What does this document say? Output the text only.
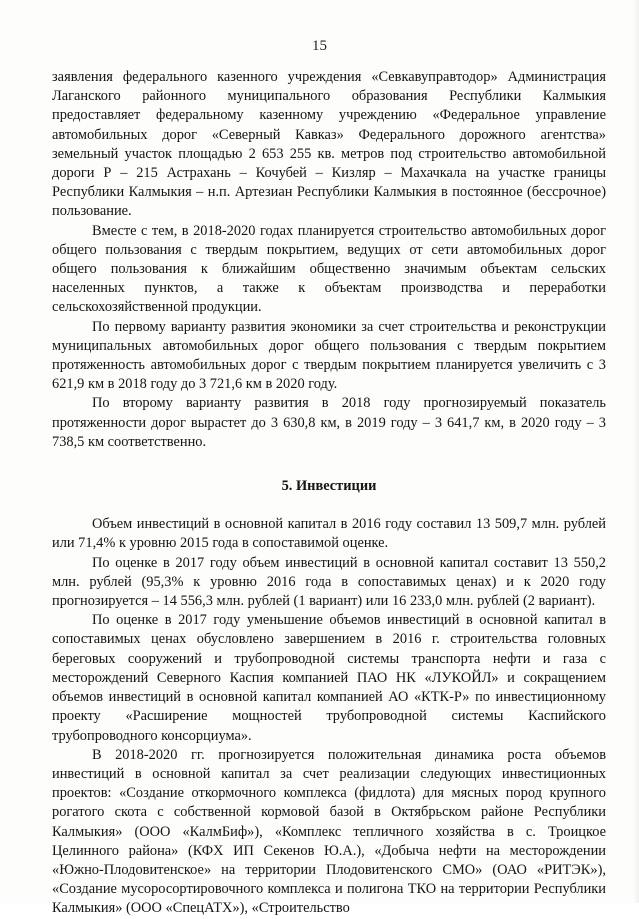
15

заявления федерального казенного учреждения «Севкавуправтодор» Администрация Лаганского районного муниципального образования Республики Калмыкия предоставляет федеральному казенному учреждению «Федеральное управление автомобильных дорог «Северный Кавказ» Федерального дорожного агентства» земельный участок площадью 2 653 255 кв. метров под строительство автомобильной дороги Р – 215 Астрахань – Кочубей – Кизляр – Махачкала на участке границы Республики Калмыкия – н.п. Артезиан Республики Калмыкия в постоянное (бессрочное) пользование.

Вместе с тем, в 2018-2020 годах планируется строительство автомобильных дорог общего пользования с твердым покрытием, ведущих от сети автомобильных дорог общего пользования к ближайшим общественно значимым объектам сельских населенных пунктов, а также к объектам производства и переработки сельскохозяйственной продукции.

По первому варианту развития экономики за счет строительства и реконструкции муниципальных автомобильных дорог общего пользования с твердым покрытием протяженность автомобильных дорог с твердым покрытием планируется увеличить с 3 621,9 км в 2018 году до 3 721,6 км в 2020 году.

По второму варианту развития в 2018 году прогнозируемый показатель протяженности дорог вырастет до 3 630,8 км, в 2019 году – 3 641,7 км, в 2020 году – 3 738,5 км соответственно.

5. Инвестиции

Объем инвестиций в основной капитал в 2016 году составил 13 509,7 млн. рублей или 71,4% к уровню 2015 года в сопоставимой оценке.

По оценке в 2017 году объем инвестиций в основной капитал составит 13 550,2 млн. рублей (95,3% к уровню 2016 года в сопоставимых ценах) и к 2020 году прогнозируется – 14 556,3 млн. рублей (1 вариант) или 16 233,0 млн. рублей (2 вариант).

По оценке в 2017 году уменьшение объемов инвестиций в основной капитал в сопоставимых ценах обусловлено завершением в 2016 г. строительства головных береговых сооружений и трубопроводной системы транспорта нефти и газа с месторождений Северного Каспия компанией ПАО НК «ЛУКОЙЛ» и сокращением объемов инвестиций в основной капитал компанией АО «КТК-Р» по инвестиционному проекту «Расширение мощностей трубопроводной системы Каспийского трубопроводного консорциума».

В 2018-2020 гг. прогнозируется положительная динамика роста объемов инвестиций в основной капитал за счет реализации следующих инвестиционных проектов: «Создание откормочного комплекса (фидлота) для мясных пород крупного рогатого скота с собственной кормовой базой в Октябрьском районе Республики Калмыкия» (ООО «КалмБиф»), «Комплекс тепличного хозяйства в с. Троицкое Целинного района» (КФХ ИП Секенов Ю.А.), «Добыча нефти на месторождении «Южно-Плодовитенское» на территории Плодовитенского СМО» (ОАО «РИТЭК»), «Создание мусоросортировочного комплекса и полигона ТКО на территории Республики Калмыкия» (ООО «СпецАТХ»), «Строительство
